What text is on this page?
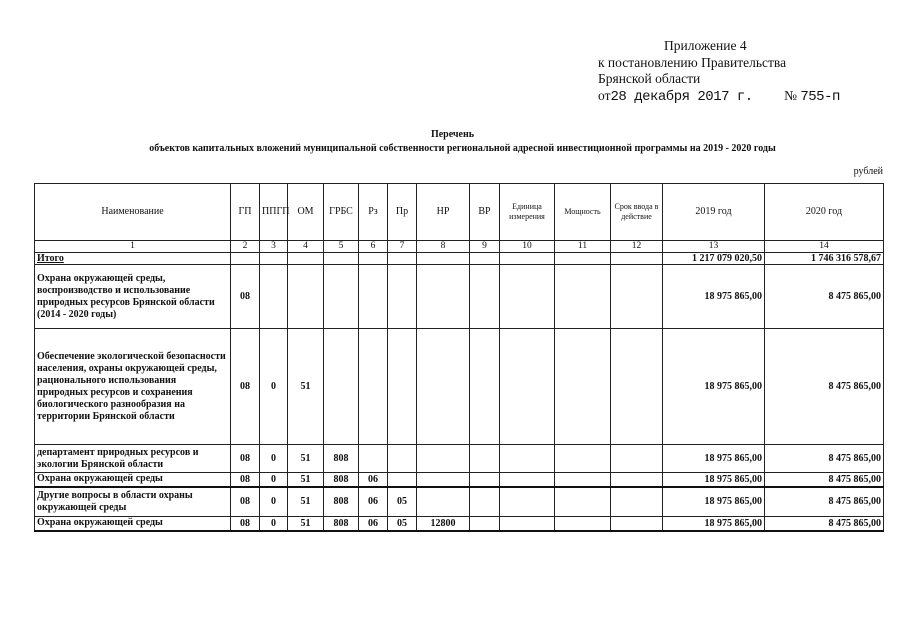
Приложение 4
к постановлению Правительства
Брянской области
от28 декабря 2017 г. № 755-п
Перечень
объектов капитальных вложений муниципальной собственности региональной адресной инвестиционной программы на 2019 - 2020 годы
рублей
Наименование	ГП	ППГП	ОМ	ГРБС	Рз	Пр	НР	ВР	Единица измерения	Мощность	Срок ввода в действие	2019 год	2020 год
1	2	3	4	5	6	7	8	9	10	11	12	13	14
Итого												1 217 079 020,50	1 746 316 578,67
Охрана окружающей среды, воспроизводство и использование природных ресурсов Брянской области (2014 - 2020 годы)	08											18 975 865,00	8 475 865,00
Обеспечение экологической безопасности населения, охраны окружающей среды, рационального использования природных ресурсов и сохранения биологического разнообразия на территории Брянской области	08	0	51									18 975 865,00	8 475 865,00
департамент природных ресурсов и экологии Брянской области	08	0	51	808								18 975 865,00	8 475 865,00
Охрана окружающей среды	08	0	51	808	06							18 975 865,00	8 475 865,00
Другие вопросы в области охраны окружающей среды	08	0	51	808	06	05						18 975 865,00	8 475 865,00
Охрана окружающей среды	08	0	51	808	06	05	12800					18 975 865,00	8 475 865,00
